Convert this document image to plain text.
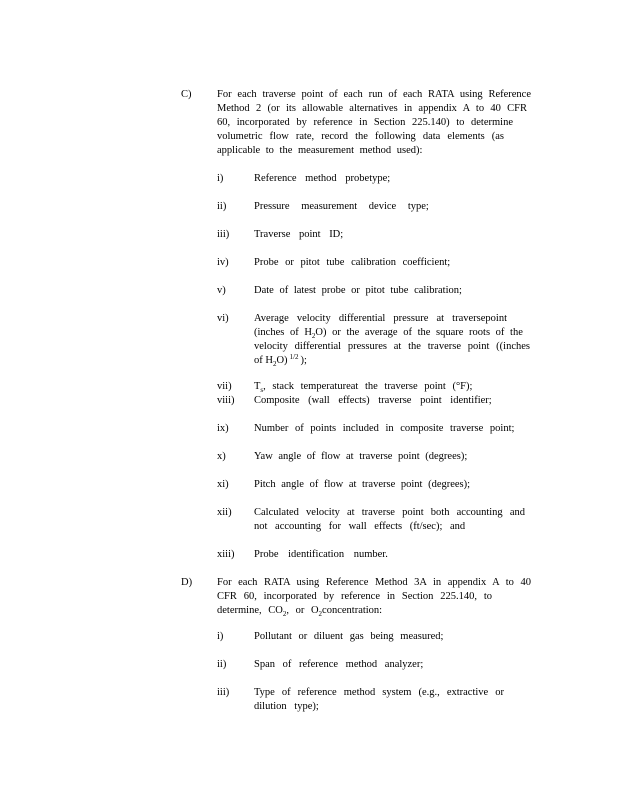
C) For each traverse point of each run of each RATA using Reference
Method 2 (or its allowable alternatives in appendix A to 40 CFR
60, incorporated by reference in Section 225.140) to determine
volumetric flow rate, record the following data elements (as
applicable to the measurement method used):
i)	Reference method probetype;
ii)	Pressure measurement device type;
iii) Traverse point ID;
iv) Probe or pitot tube calibration coefficient;
v)	Date of latest probe or pitot tube calibration;
vi) Average velocity differential pressure at traversepoint
(inches of $H_2O$) or the average of the square roots of the
velocity differential pressures at the traverse point ((inches
of $H_2O$) $^{1/2}$ );
vii) $T_s$, stack temperatureat the traverse point (°F);
viii) Composite (wall effects) traverse point identifier;
ix) Number of points included in composite traverse point;
x)	Yaw angle of flow at traverse point (degrees);
xi) Pitch angle of flow at traverse point (degrees);
xii) Calculated velocity at traverse point both accounting and
not accounting for wall effects (ft/sec); and
xiii) Probe identification number.
D) For each RATA using Reference Method 3A in appendix A to 40
CFR 60, incorporated by reference in Section 225.140, to
determine, $CO_2$, or $O_2concentration$:
i)	Pollutant or diluent gas being measured;
ii)	Span of reference method analyzer;
iii) Type of reference method system (e.g., extractive or
dilution type);
